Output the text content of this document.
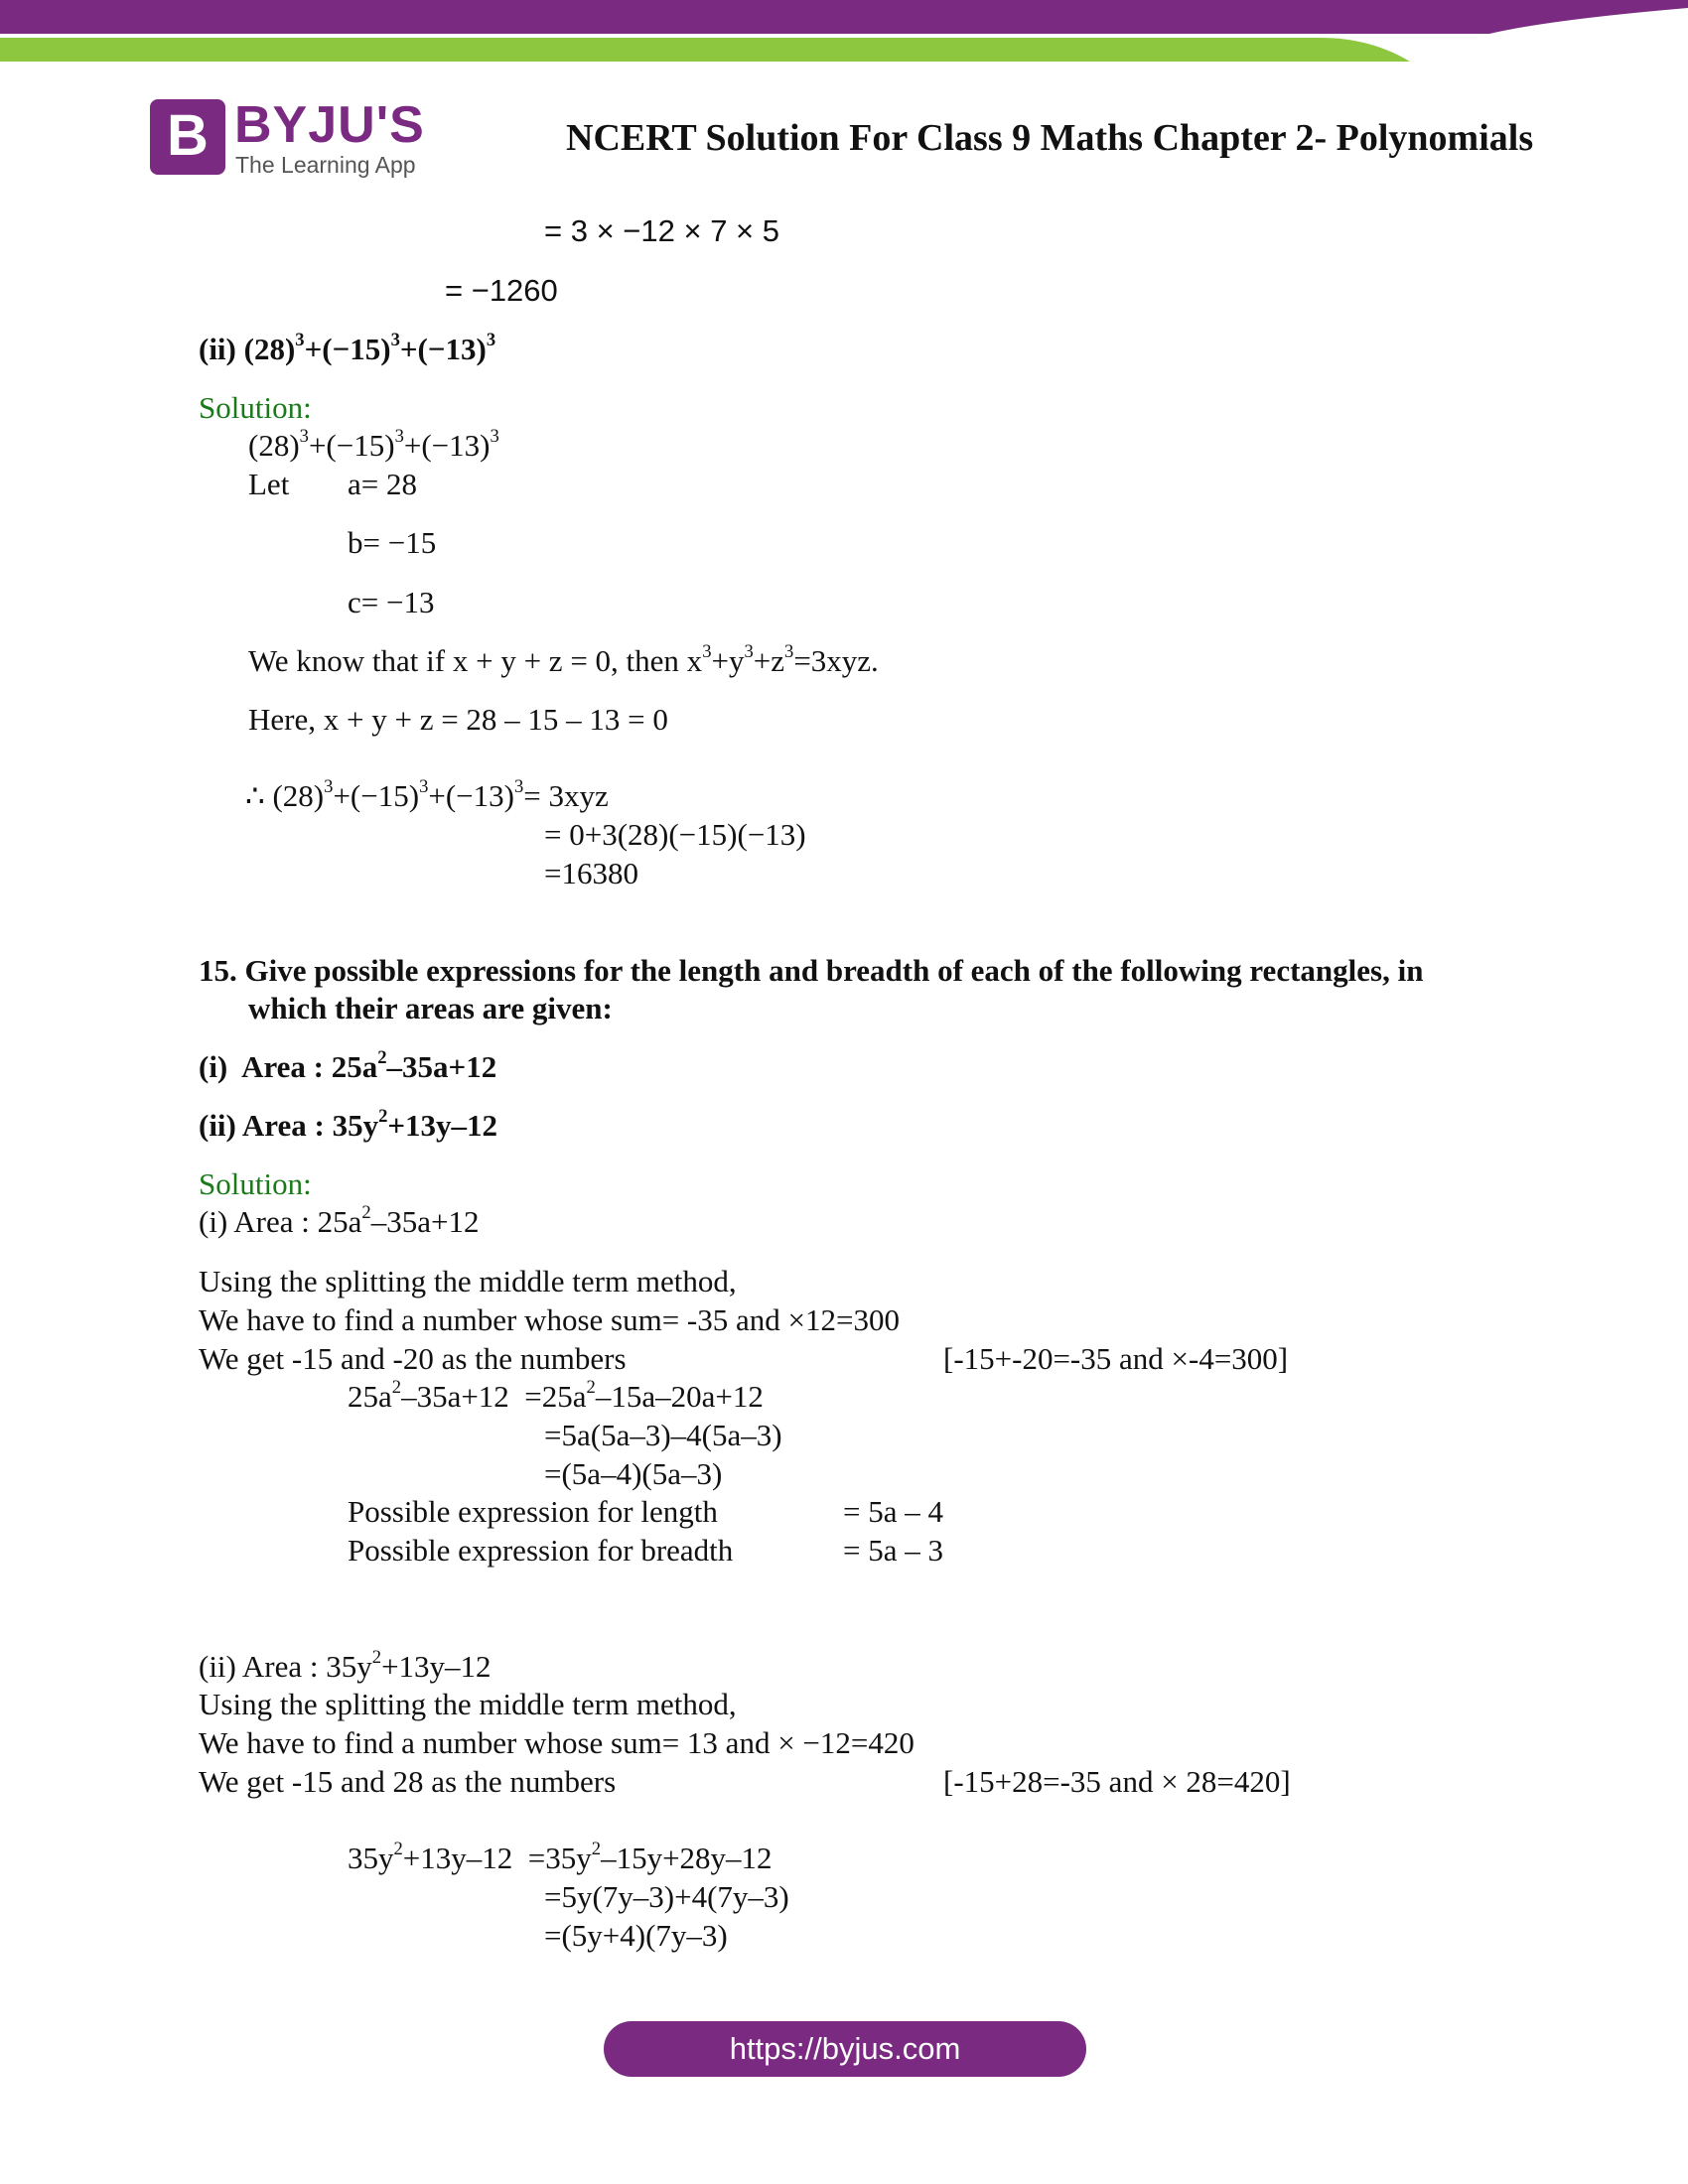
B BYJU'S
The Learning App
NCERT Solution For Class 9 Maths Chapter 2- Polynomials
= 3 × −12 × 7 × 5
= −1260
(ii) $(28)^3+(-15)^3+(-13)^3$
Solution:
$(28)^3+(-15)^3+(-13)^3$
Let a= 28
b= −15
c= −13
We know that if x + y + z = 0, then $x^3+y^3+z^3=3xyz$.
Here, x + y + z = 28 – 15 – 13 = 0
∴ $(28)^3+(-15)^3+(-13)^3= 3xyz$
= 0+3(28)(−15)(−13)
=16380
15. Give possible expressions for the length and breadth of each of the following rectangles, in
which their areas are given:
(i) Area : $25a^2-35a+12$
(ii) Area : $35y^2+13y-12$
Solution:
(i) Area : $25a^2-35a+12$
Using the splitting the middle term method,
We have to find a number whose sum= -35 and ×12=300
We get -15 and -20 as the numbers	[-15+-20=-35 and ×-4=300]
$25a^2-35a+12 =25a^2-15a-20a+12$
=5a(5a–3)–4(5a–3)
=(5a–4)(5a–3)
Possible expression for length	= 5a – 4
Possible expression for breadth	= 5a – 3
(ii) Area : $35y^2+13y-12$
Using the splitting the middle term method,
We have to find a number whose sum= 13 and × −12=420
We get -15 and 28 as the numbers	[-15+28=-35 and × 28=420]
$35y^2+13y-12 =35y^2-15y+28y-12$
=5y(7y–3)+4(7y–3)
=(5y+4)(7y–3)
https://byjus.com
